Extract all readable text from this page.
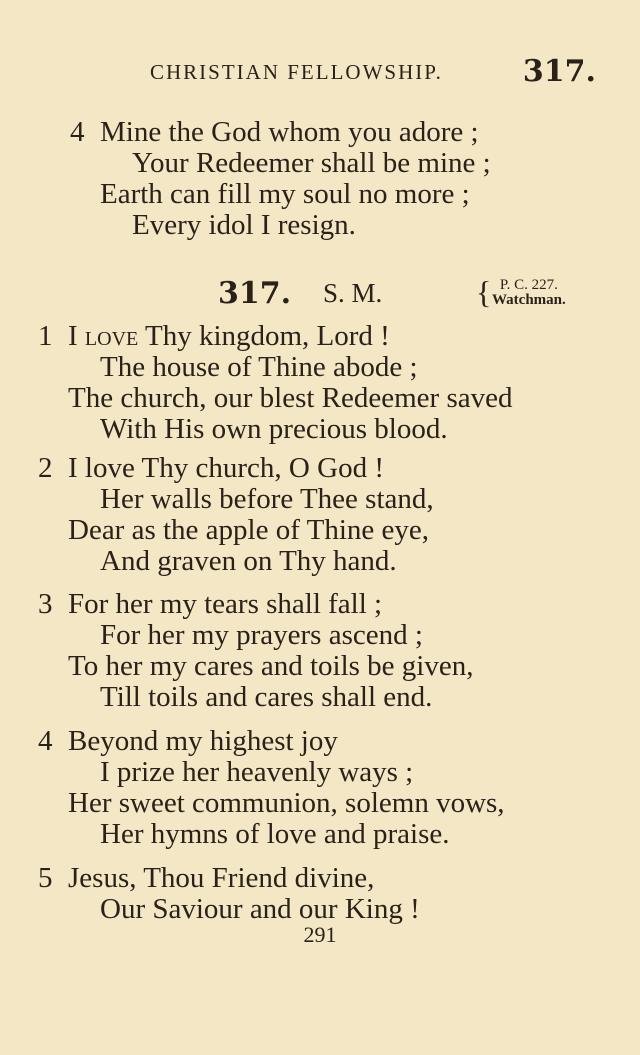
CHRISTIAN FELLOWSHIP.	317.
4 Mine the God whom you adore ;
Your Redeemer shall be mine ;
Earth can fill my soul no more ;
Every idol I resign.
317. S. M.	{ P. C. 227.
Watchman.
1 I love Thy kingdom, Lord !
The house of Thine abode ;
The church, our blest Redeemer saved
With His own precious blood.
2 I love Thy church, O God !
Her walls before Thee stand,
Dear as the apple of Thine eye,
And graven on Thy hand.
3 For her my tears shall fall ;
For her my prayers ascend ;
To her my cares and toils be given,
Till toils and cares shall end.
4 Beyond my highest joy
I prize her heavenly ways ;
Her sweet communion, solemn vows,
Her hymns of love and praise.
5 Jesus, Thou Friend divine,
Our Saviour and our King !
291
